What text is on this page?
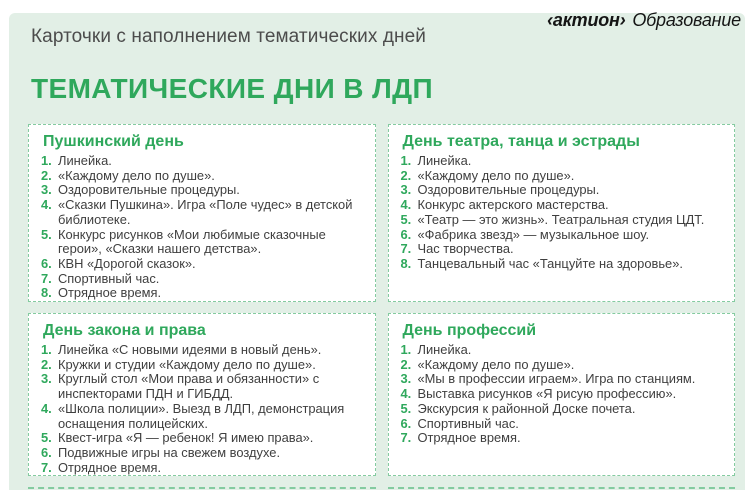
‹актион› Образование
Карточки с наполнением тематических дней
ТЕМАТИЧЕСКИЕ ДНИ В ЛДП
Пушкинский день
1. Линейка.
2. «Каждому дело по душе».
3. Оздоровительные процедуры.
4. «Сказки Пушкина». Игра «Поле чудес» в детской библиотеке.
5. Конкурс рисунков «Мои любимые сказочные герои», «Сказки нашего детства».
6. КВН «Дорогой сказок».
7. Спортивный час.
8. Отрядное время.
День театра, танца и эстрады
1. Линейка.
2. «Каждому дело по душе».
3. Оздоровительные процедуры.
4. Конкурс актерского мастерства.
5. «Театр — это жизнь». Театральная студия ЦДТ.
6. «Фабрика звезд» — музыкальное шоу.
7. Час творчества.
8. Танцевальный час «Танцуйте на здоровье».
День закона и права
1. Линейка «С новыми идеями в новый день».
2. Кружки и студии «Каждому дело по душе».
3. Круглый стол «Мои права и обязанности» с инспекторами ПДН и ГИБДД.
4. «Школа полиции». Выезд в ЛДП, демонстрация оснащения полицейских.
5. Квест-игра «Я — ребенок! Я имею права».
6. Подвижные игры на свежем воздухе.
7. Отрядное время.
День профессий
1. Линейка.
2. «Каждому дело по душе».
3. «Мы в профессии играем». Игра по станциям.
4. Выставка рисунков «Я рисую профессию».
5. Экскурсия к районной Доске почета.
6. Спортивный час.
7. Отрядное время.
